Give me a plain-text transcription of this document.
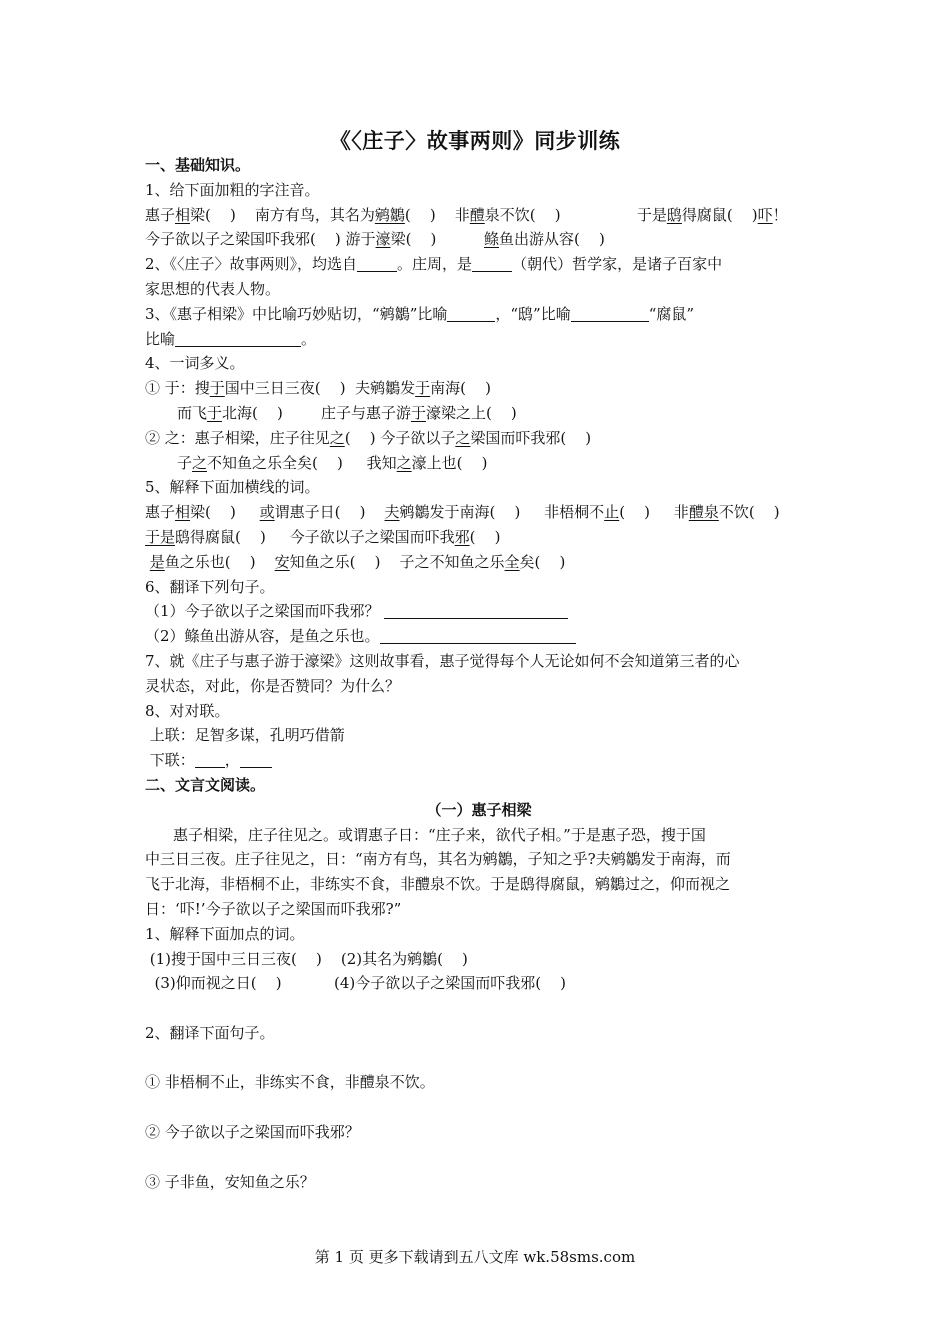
《〈庄子〉故事两则》同步训练
一、基础知识。
1、给下面加粗的字注音。
惠子相梁(    )    南方有鸟，其名为鹓鶵(    )    非醴泉不饮(    )                于是鸱得腐鼠(    )吓！
今子欲以子之梁国吓我邪(    ) 游于濠梁(    )          鲦鱼出游从容(    )
2、《〈庄子〉故事两则》，均选自	。庄周，是	（朝代）哲学家，是诸子百家中
家思想的代表人物。
3、《惠子相梁》中比喻巧妙贴切，“鹓鶵”比喻	，“鸱”比喻	“腐鼠”
比喻	。
4、一词多义。
① 于：搜于国中三日三夜(    )  夫鹓鶵发于南海(    )
而飞于北海(    )        庄子与惠子游于濠梁之上(    )
② 之：惠子相梁，庄子往见之(    ) 今子欲以子之梁国而吓我邪(    )
子之不知鱼之乐全矣(    )     我知之濠上也(    )
5、解释下面加横线的词。
惠子相梁(    )     或谓惠子日(    )    夫鹓鶵发于南海(    )     非梧桐不止(    )     非醴泉不饮(    )
于是鸱得腐鼠(    )     今子欲以子之梁国而吓我邪(    )
是鱼之乐也(    )    安知鱼之乐(    )    子之不知鱼之乐全矣(    )
6、翻译下列句子。
（1）今子欲以子之梁国而吓我邪？
（2）鲦鱼出游从容，是鱼之乐也。
7、就《庄子与惠子游于濠梁》这则故事看，惠子觉得每个人无论如何不会知道第三者的心
灵状态，对此，你是否赞同？为什么？
8、对对联。
上联：足智多谋，孔明巧借箭
下联： ，
二、文言文阅读。
（一）惠子相梁
惠子相梁，庄子往见之。或谓惠子日：“庄子来，欲代子相。”于是惠子恐，搜于国
中三日三夜。庄子往见之，日：“南方有鸟，其名为鹓鶵，子知之乎?夫鹓鶵发于南海，而
飞于北海，非梧桐不止，非练实不食，非醴泉不饮。于是鸱得腐鼠，鹓鶵过之，仰而视之
日：‘吓!’今子欲以子之梁国而吓我邪?”
1、解释下面加点的词。
(1)搜于国中三日三夜(    )    (2)其名为鹓鶵(    )
(3)仰而视之日(    )           (4)今子欲以子之梁国而吓我邪(    )
2、翻译下面句子。
① 非梧桐不止，非练实不食，非醴泉不饮。
② 今子欲以子之梁国而吓我邪？
③ 子非鱼，安知鱼之乐？
第 1 页 更多下载请到五八文库 wk.58sms.com
